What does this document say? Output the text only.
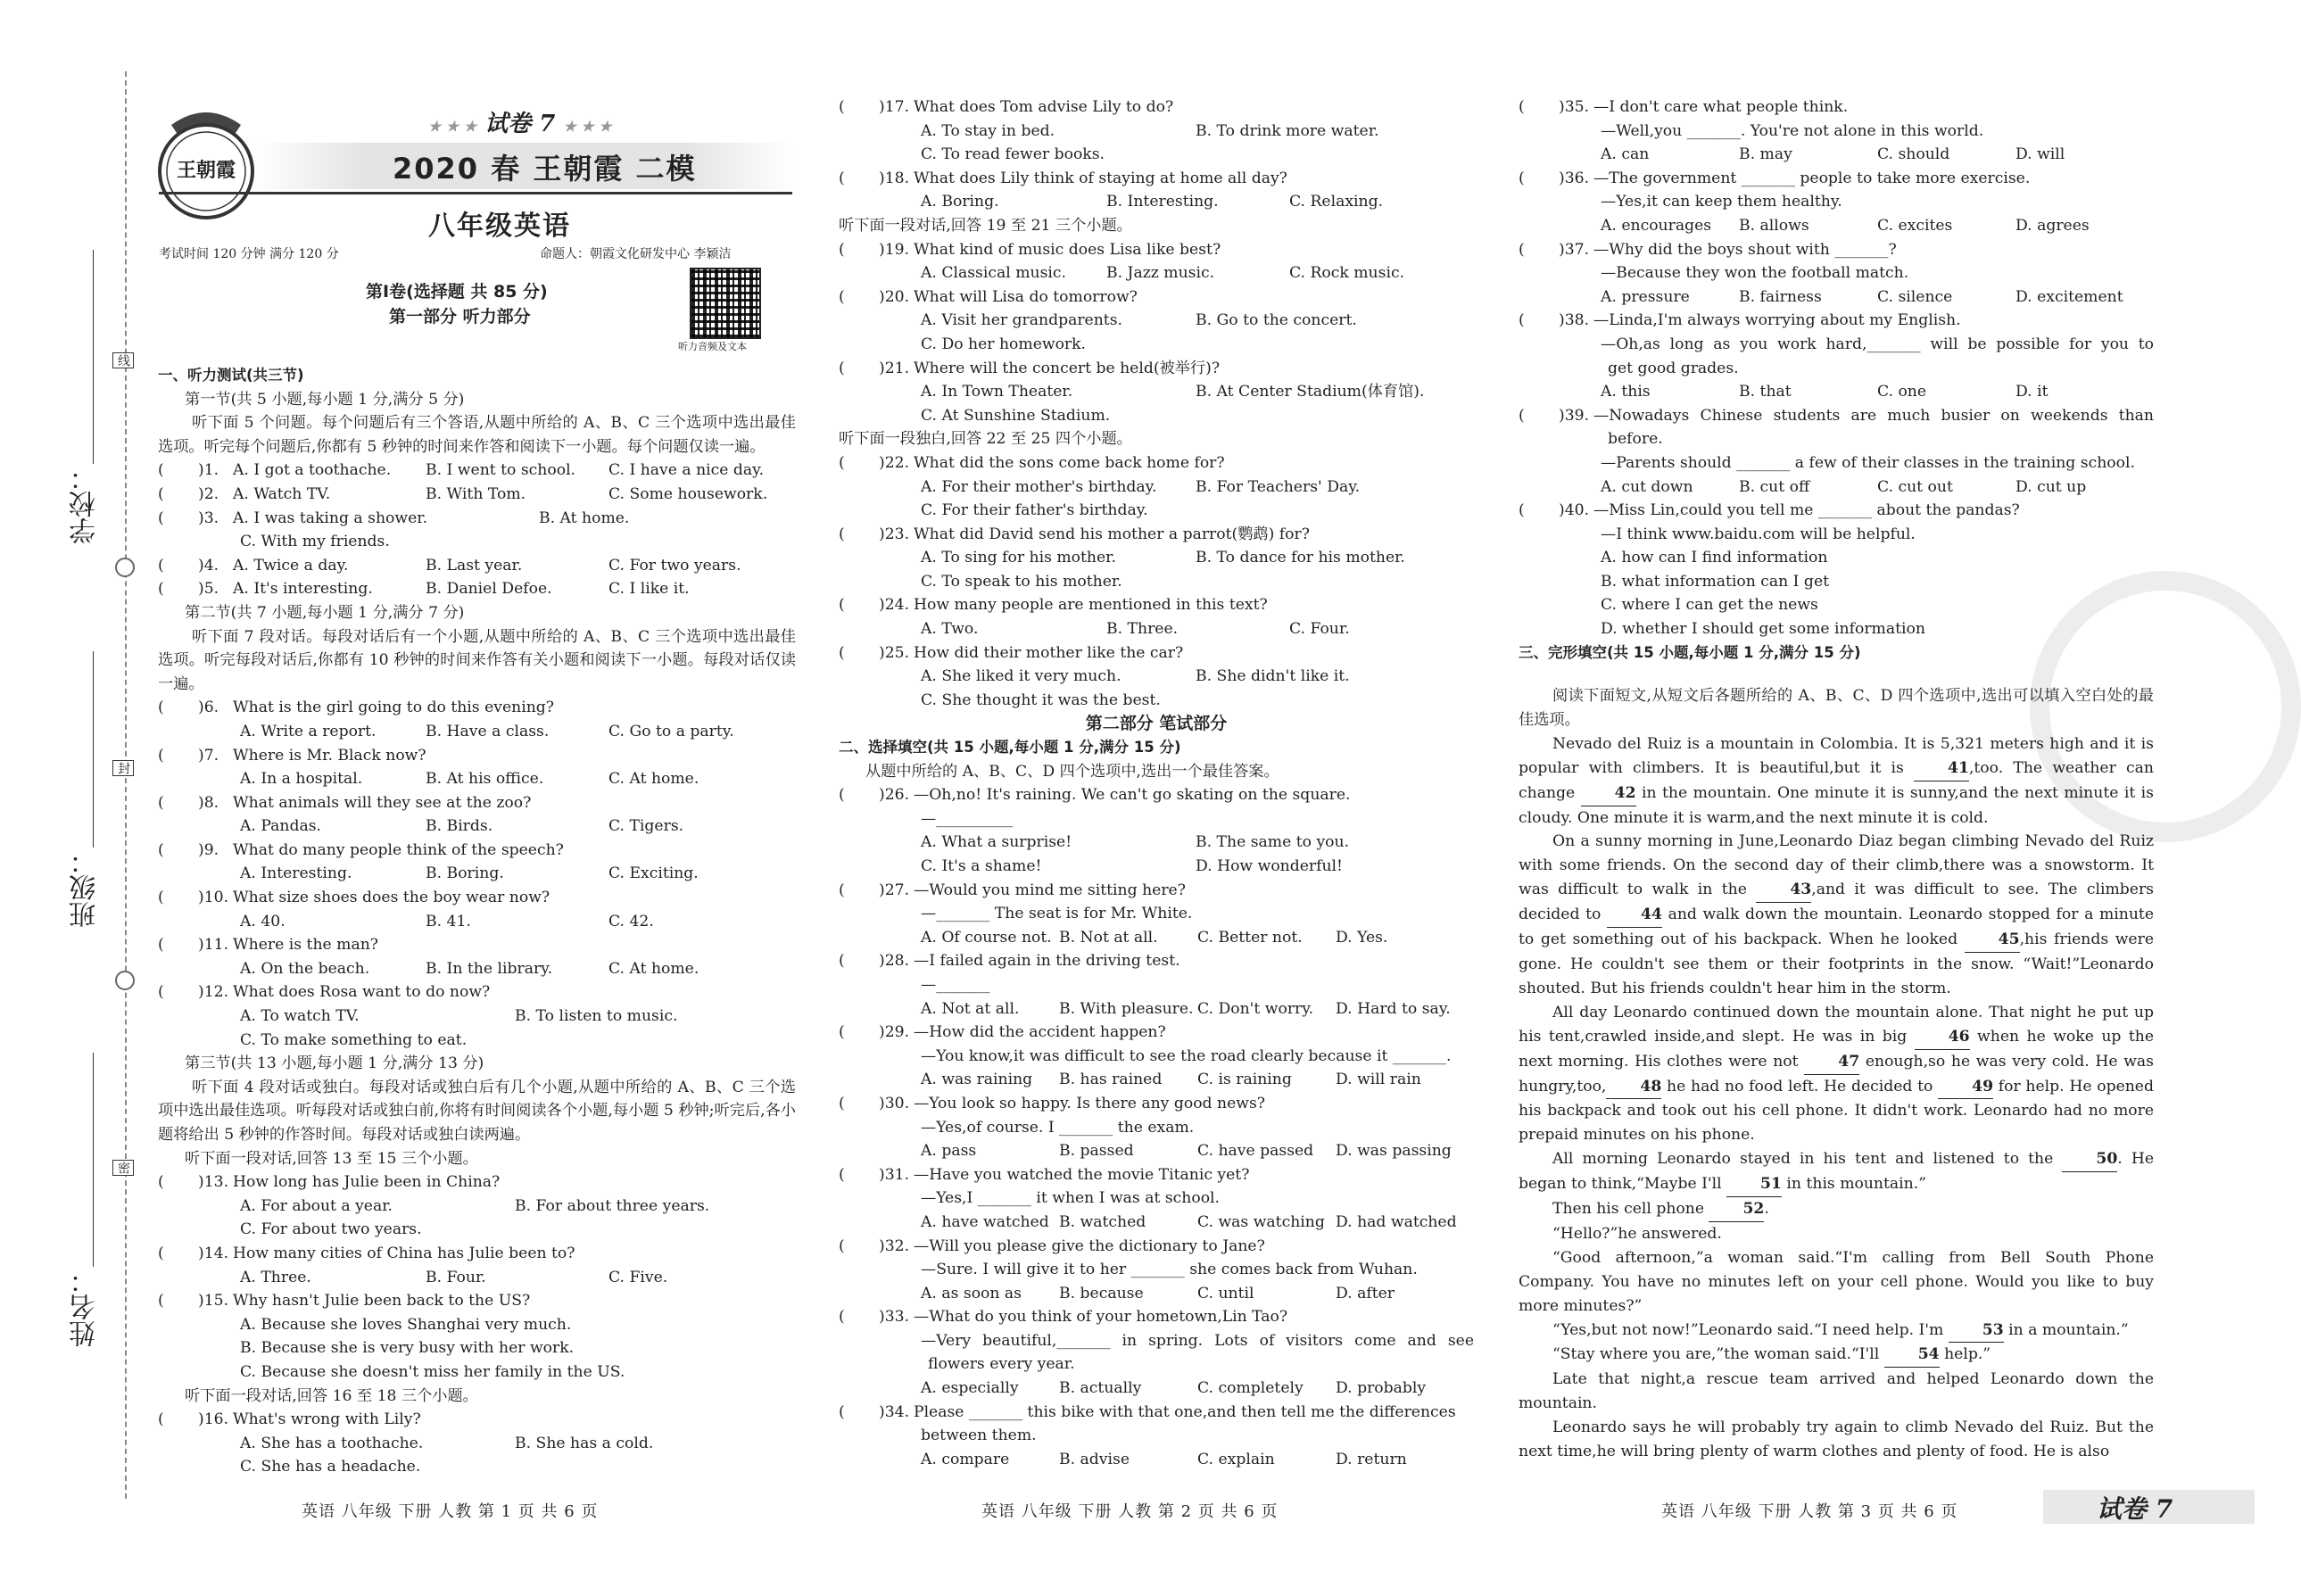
王朝霞
★ ★ ★ 试卷 7 ★ ★ ★
2020 春 王朝霞 二模
八年级英语
考试时间 120 分钟 满分 120 分	命题人：朝霞文化研发中心 李颖洁
第Ⅰ卷(选择题 共 85 分)
第一部分 听力部分
听力音频及文本
学校：
班级：
姓名：
线
封
密
一、听力测试(共三节)
第一节(共 5 小题,每小题 1 分,满分 5 分)
听下面 5 个问题。每个问题后有三个答语,从题中所给的 A、B、C 三个选项中选出最佳选项。听完每个问题后,你都有 5 秒钟的时间来作答和阅读下一小题。每个问题仅读一遍。
( )1. A. I got a toothache. B. I went to school. C. I have a nice day.
( )2. A. Watch TV.	B. With Tom.	C. Some housework.
( )3. A. I was taking a shower.	B. At home.
C. With my friends.
( )4. A. Twice a day.	B. Last year.	C. For two years.
( )5. A. It's interesting.	B. Daniel Defoe.	C. I like it.
第二节(共 7 小题,每小题 1 分,满分 7 分)
听下面 7 段对话。每段对话后有一个小题,从题中所给的 A、B、C 三个选项中选出最佳选项。听完每段对话后,你都有 10 秒钟的时间来作答有关小题和阅读下一小题。每段对话仅读一遍。
( )6. What is the girl going to do this evening?
A. Write a report.	B. Have a class.	C. Go to a party.
( )7. Where is Mr. Black now?
A. In a hospital.	B. At his office.	C. At home.
( )8. What animals will they see at the zoo?
A. Pandas.	B. Birds.	C. Tigers.
( )9. What do many people think of the speech?
A. Interesting.	B. Boring.	C. Exciting.
( )10. What size shoes does the boy wear now?
A. 40.	B. 41.	C. 42.
( )11. Where is the man?
A. On the beach.	B. In the library.	C. At home.
( )12. What does Rosa want to do now?
A. To watch TV.	B. To listen to music.
C. To make something to eat.
第三节(共 13 小题,每小题 1 分,满分 13 分)
听下面 4 段对话或独白。每段对话或独白后有几个小题,从题中所给的 A、B、C 三个选项中选出最佳选项。听每段对话或独白前,你将有时间阅读各个小题,每小题 5 秒钟;听完后,各小题将给出 5 秒钟的作答时间。每段对话或独白读两遍。
听下面一段对话,回答 13 至 15 三个小题。
( )13. How long has Julie been in China?
A. For about a year.	B. For about three years.
C. For about two years.
( )14. How many cities of China has Julie been to?
A. Three.	B. Four.	C. Five.
( )15. Why hasn't Julie been back to the US?
A. Because she loves Shanghai very much.
B. Because she is very busy with her work.
C. Because she doesn't miss her family in the US.
听下面一段对话,回答 16 至 18 三个小题。
( )16. What's wrong with Lily?
A. She has a toothache.	B. She has a cold.
C. She has a headache.
( )17. What does Tom advise Lily to do?
A. To stay in bed.	B. To drink more water.
C. To read fewer books.
( )18. What does Lily think of staying at home all day?
A. Boring.	B. Interesting.	C. Relaxing.
听下面一段对话,回答 19 至 21 三个小题。
( )19. What kind of music does Lisa like best?
A. Classical music.	B. Jazz music.	C. Rock music.
( )20. What will Lisa do tomorrow?
A. Visit her grandparents.	B. Go to the concert.
C. Do her homework.
( )21. Where will the concert be held(被举行)?
A. In Town Theater.	B. At Center Stadium(体育馆).
C. At Sunshine Stadium.
听下面一段独白,回答 22 至 25 四个小题。
( )22. What did the sons come back home for?
A. For their mother's birthday.	B. For Teachers' Day.
C. For their father's birthday.
( )23. What did David send his mother a parrot(鹦鹉) for?
A. To sing for his mother.	B. To dance for his mother.
C. To speak to his mother.
( )24. How many people are mentioned in this text?
A. Two.	B. Three.	C. Four.
( )25. How did their mother like the car?
A. She liked it very much.	B. She didn't like it.
C. She thought it was the best.
第二部分 笔试部分
二、选择填空(共 15 小题,每小题 1 分,满分 15 分)
从题中所给的 A、B、C、D 四个选项中,选出一个最佳答案。
( )26. —Oh,no! It's raining. We can't go skating on the square.
—__________
A. What a surprise!	B. The same to you.
C. It's a shame!	D. How wonderful!
( )27. —Would you mind me sitting here?
—_______ The seat is for Mr. White.
A. Of course not. B. Not at all.	C. Better not. D. Yes.
( )28. —I failed again in the driving test.
—_______
A. Not at all.	B. With pleasure. C. Don't worry. D. Hard to say.
( )29. —How did the accident happen?
—You know,it was difficult to see the road clearly because it _______.
A. was raining B. has rained C. is raining	D. will rain
( )30. —You look so happy. Is there any good news?
—Yes,of course. I _______ the exam.
A. pass	B. passed	C. have passed D. was passing
( )31. —Have you watched the movie Titanic yet?
—Yes,I _______ it when I was at school.
A. have watched B. watched	C. was watching D. had watched
( )32. —Will you please give the dictionary to Jane?
—Sure. I will give it to her _______ she comes back from Wuhan.
A. as soon as B. because	C. until	D. after
( )33. —What do you think of your hometown,Lin Tao?
—Very beautiful,_______ in spring. Lots of visitors come and see
flowers every year.
A. especially	B. actually	C. completely D. probably
( )34. Please _______ this bike with that one,and then tell me the differences
between them.
A. compare	B. advise	C. explain	D. return
( )35. —I don't care what people think.
—Well,you _______. You're not alone in this world.
A. can	B. may	C. should	D. will
( )36. —The government _______ people to take more exercise.
—Yes,it can keep them healthy.
A. encourages B. allows	C. excites	D. agrees
( )37. —Why did the boys shout with _______?
—Because they won the football match.
A. pressure	B. fairness	C. silence	D. excitement
( )38. —Linda,I'm always worrying about my English.
—Oh,as long as you work hard,_______ will be possible for you to
get good grades.
A. this	B. that	C. one	D. it
( )39. —Nowadays Chinese students are much busier on weekends than
before.
—Parents should _______ a few of their classes in the training school.
A. cut down	B. cut off	C. cut out	D. cut up
( )40. —Miss Lin,could you tell me _______ about the pandas?
—I think www.baidu.com will be helpful.
A. how can I find information
B. what information can I get
C. where I can get the news
D. whether I should get some information
三、完形填空(共 15 小题,每小题 1 分,满分 15 分)
阅读下面短文,从短文后各题所给的 A、B、C、D 四个选项中,选出可以填入空白处的最佳选项。
Nevado del Ruiz is a mountain in Colombia. It is 5,321 meters high and it is popular with climbers. It is beautiful,but it is 41,too. The weather can change 42 in the mountain. One minute it is sunny,and the next minute it is cloudy. One minute it is warm,and the next minute it is cold.
On a sunny morning in June,Leonardo Diaz began climbing Nevado del Ruiz with some friends. On the second day of their climb,there was a snowstorm. It was difficult to walk in the 43,and it was difficult to see. The climbers decided to 44 and walk down the mountain. Leonardo stopped for a minute to get something out of his backpack. When he looked 45,his friends were gone. He couldn't see them or their footprints in the snow. “Wait!”Leonardo shouted. But his friends couldn't hear him in the storm.
All day Leonardo continued down the mountain alone. That night he put up his tent,crawled inside,and slept. He was in big 46 when he woke up the next morning. His clothes were not 47 enough,so he was very cold. He was hungry,too, 48 he had no food left. He decided to 49 for help. He opened his backpack and took out his cell phone. It didn't work. Leonardo had no more prepaid minutes on his phone.
All morning Leonardo stayed in his tent and listened to the 50. He began to think,“Maybe I'll 51 in this mountain.”
Then his cell phone 52.
“Hello?”he answered.
“Good afternoon,”a woman said.“I'm calling from Bell South Phone Company. You have no minutes left on your cell phone. Would you like to buy more minutes?”
“Yes,but not now!”Leonardo said.“I need help. I'm 53 in a mountain.”
“Stay where you are,”the woman said.“I'll 54 help.”
Late that night,a rescue team arrived and helped Leonardo down the mountain.
Leonardo says he will probably try again to climb Nevado del Ruiz. But the next time,he will bring plenty of warm clothes and plenty of food. He is also
英语 八年级 下册 人教 第 1 页 共 6 页	英语 八年级 下册 人教 第 2 页 共 6 页	英语 八年级 下册 人教 第 3 页 共 6 页	试卷 7
